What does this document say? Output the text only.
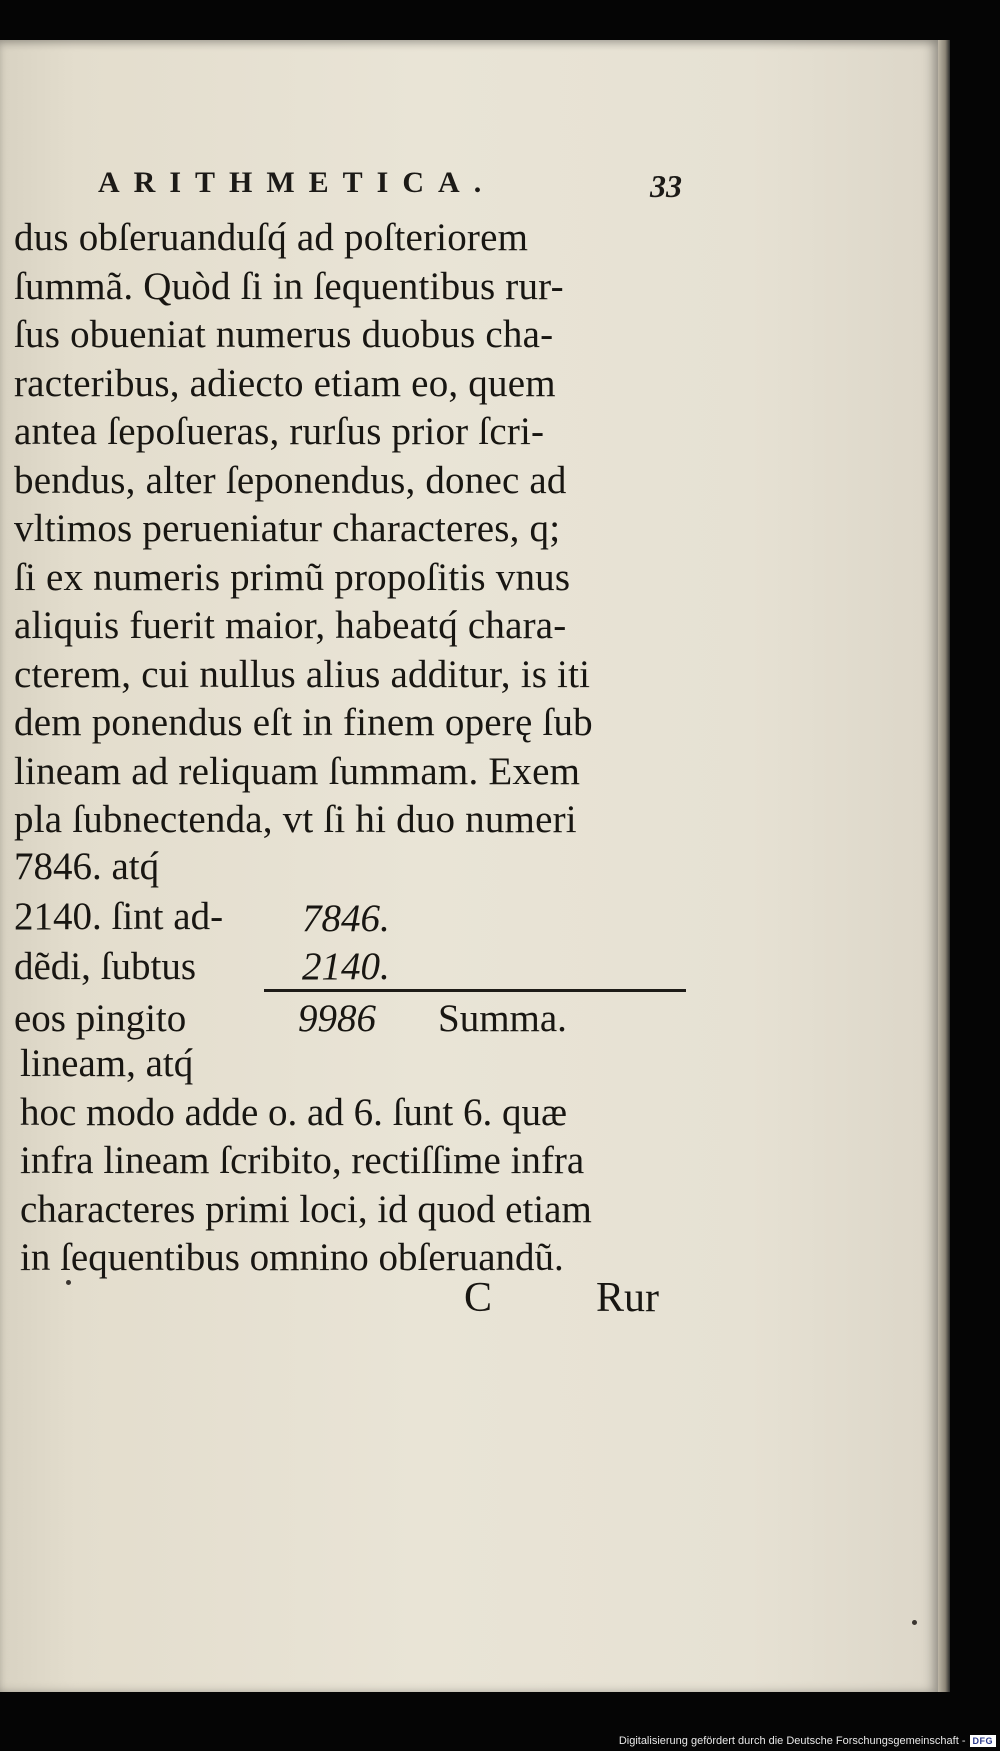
ARITHMETICA.	33
dus obſeruanduſq́ ad poſteriorem
ſummã. Quòd ſi in ſequentibus rur-
ſus obueniat numerus duobus cha-
racteribus, adiecto etiam eo, quem
antea ſepoſueras, rurſus prior ſcri-
bendus, alter ſeponendus, donec ad
vltimos perueniatur characteres, q;
ſi ex numeris primũ propoſitis vnus
aliquis fuerit maior, habeatq́ chara-
cterem, cui nullus alius additur, is iti
dem ponendus eſt in finem operę ſub
lineam ad reliquam ſummam. Exem
pla ſubnectenda, vt ſi hi duo numeri
7846. atq́
2140. ſint ad-
dẽdi, ſubtus
eos pingito
7846.
2140.
9986 Summa.
lineam, atq́
hoc modo adde o. ad 6. ſunt 6. quæ
infra lineam ſcribito, rectiſſime infra
characteres primi loci, id quod etiam
in ſequentibus omnino obſeruandũ.
C Rur
Digitalisierung gefördert durch die Deutsche Forschungsgemeinschaft - DFG
